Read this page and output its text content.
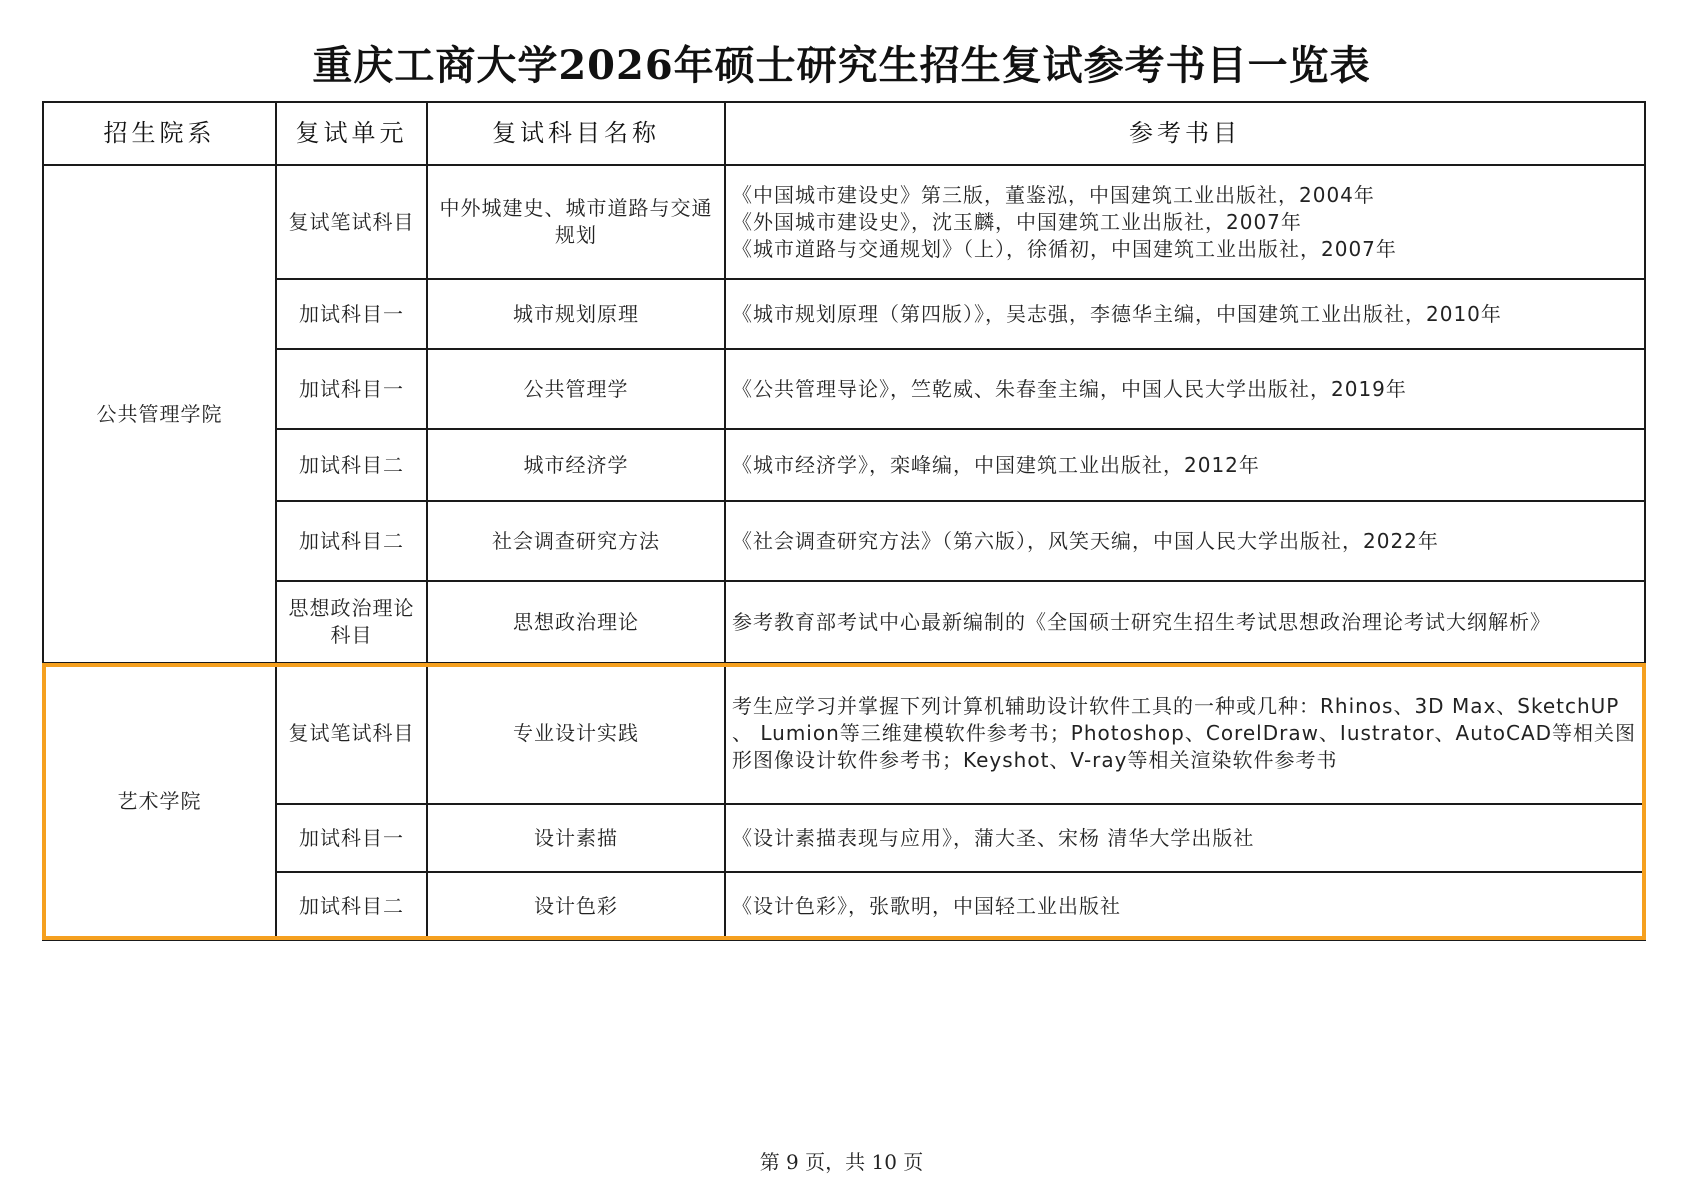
重庆工商大学2026年硕士研究生招生复试参考书目一览表
招生院系	复试单元	复试科目名称	参考书目
公共管理学院	复试笔试科目	中外城建史、城市道路与交通规划	《中国城市建设史》第三版，董鉴泓，中国建筑工业出版社，2004年
《外国城市建设史》，沈玉麟，中国建筑工业出版社，2007年
《城市道路与交通规划》（上），徐循初，中国建筑工业出版社，2007年

	加试科目一	城市规划原理	《城市规划原理（第四版）》，吴志强，李德华主编，中国建筑工业出版社，2010年

	加试科目一	公共管理学	《公共管理导论》，竺乾威、朱春奎主编，中国人民大学出版社，2019年

	加试科目二	城市经济学	《城市经济学》，栾峰编，中国建筑工业出版社，2012年

	加试科目二	社会调查研究方法	《社会调查研究方法》（第六版），风笑天编，中国人民大学出版社，2022年

	思想政治理论科目	思想政治理论	参考教育部考试中心最新编制的《全国硕士研究生招生考试思想政治理论考试大纲解析》

艺术学院	复试笔试科目	专业设计实践	考生应学习并掌握下列计算机辅助设计软件工具的一种或几种：Rhinos、3D Max、SketchUP 、 Lumion等三维建模软件参考书；Photoshop、CorelDraw、Iustrator、AutoCAD等相关图形图像设计软件参考书；Keyshot、V-ray等相关渲染软件参考书

	加试科目一	设计素描	《设计素描表现与应用》，蒲大圣、宋杨 清华大学出版社

	加试科目二	设计色彩	《设计色彩》，张歌明，中国轻工业出版社

第 9 页，共 10 页
